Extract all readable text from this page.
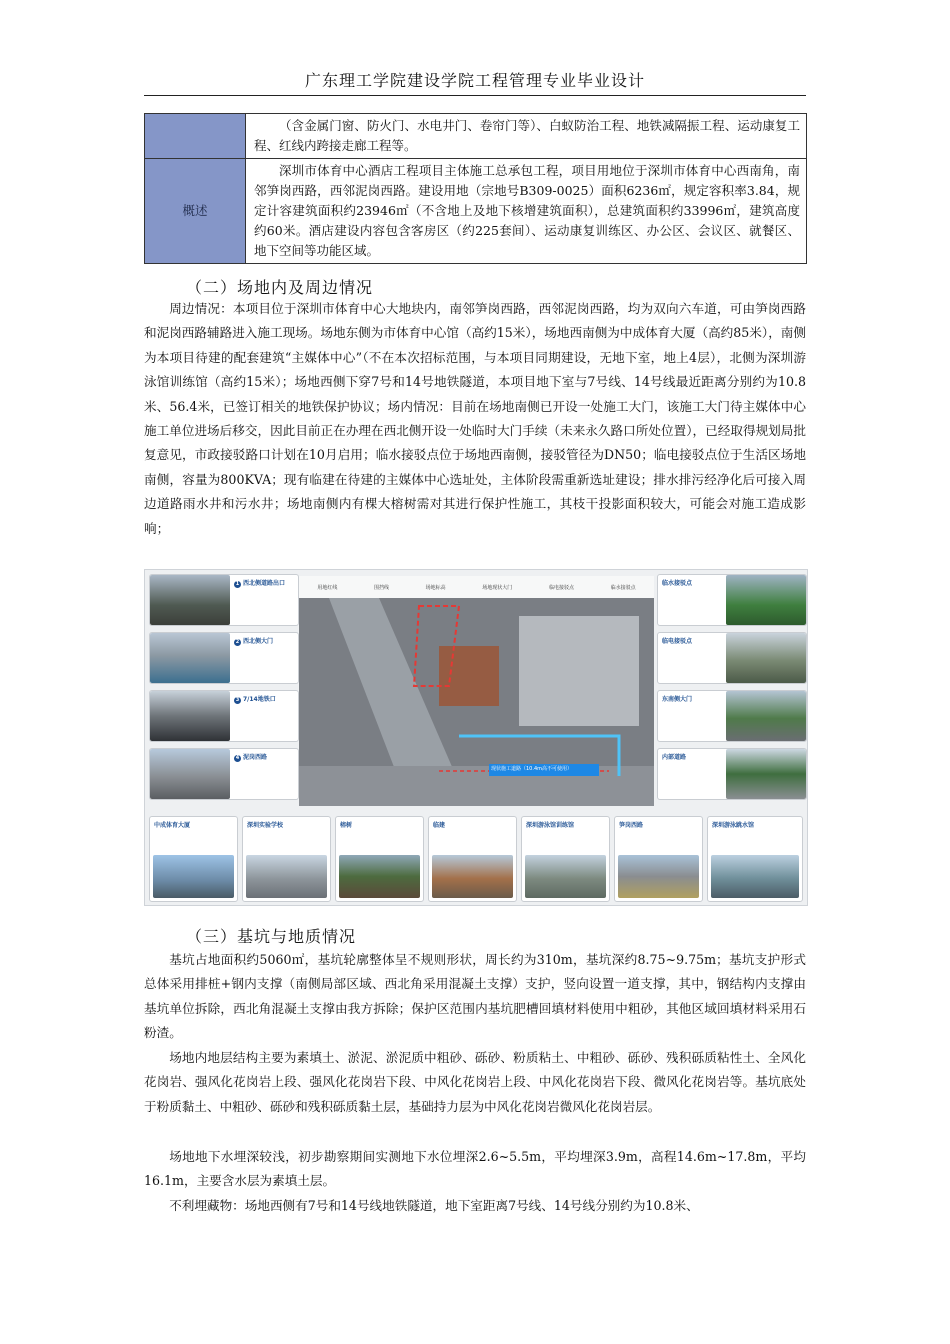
广东理工学院建设学院工程管理专业毕业设计
	（含金属门窗、防火门、水电井门、卷帘门等）、白蚁防治工程、地铁减隔振工程、运动康复工程、红线内跨接走廊工程等。
概述	深圳市体育中心酒店工程项目主体施工总承包工程，项目用地位于深圳市体育中心西南角，南邻笋岗西路，西邻泥岗西路。建设用地（宗地号B309-0025）面积6236㎡，规定容积率3.84，规定计容建筑面积约23946㎡（不含地上及地下核增建筑面积），总建筑面积约33996㎡，建筑高度约60米。酒店建设内容包含客房区（约225套间）、运动康复训练区、办公区、会议区、就餐区、地下空间等功能区域。
（二）场地内及周边情况
周边情况：本项目位于深圳市体育中心大地块内，南邻笋岗西路，西邻泥岗西路，均为双向六车道，可由笋岗西路和泥岗西路辅路进入施工现场。场地东侧为市体育中心馆（高约15米），场地西南侧为中成体育大厦（高约85米），南侧为本项目待建的配套建筑“主媒体中心”（不在本次招标范围，与本项目同期建设，无地下室，地上4层），北侧为深圳游泳馆训练馆（高约15米）；场地西侧下穿7号和14号地铁隧道，本项目地下室与7号线、14号线最近距离分别约为10.8米、56.4米，已签订相关的地铁保护协议；场内情况：目前在场地南侧已开设一处施工大门，该施工大门待主媒体中心施工单位进场后移交，因此目前正在办理在西北侧开设一处临时大门手续（未来永久路口所处位置），已经取得规划局批复意见，市政接驳路口计划在10月启用；临水接驳点位于场地西南侧，接驳管径为DN50；临电接驳点位于生活区场地南侧，容量为800KVA；现有临建在待建的主媒体中心选址处，主体阶段需重新选址建设；排水排污经净化后可接入周边道路雨水井和污水井；场地南侧内有棵大榕树需对其进行保护性施工，其枝干投影面积较大，可能会对施工造成影响；
1 西北侧道路出口
2 西北侧大门
3 7/14地铁口
4 泥岗西路
用地红线	围挡线	场地标高	场地现状大门	临电接驳点	临水接驳点
现状施工道路（10.4m高不可使用）
临水接驳点
临电接驳点
东南侧大门
内部道路
中成体育大厦	深圳实验学校	榕树	临建	深圳游泳馆训练馆	笋岗西路	深圳游泳跳水馆
（三）基坑与地质情况
基坑占地面积约5060㎡，基坑轮廓整体呈不规则形状，周长约为310m，基坑深约8.75~9.75m；基坑支护形式总体采用排桩+钢内支撑（南侧局部区域、西北角采用混凝土支撑）支护，竖向设置一道支撑，其中，钢结构内支撑由基坑单位拆除，西北角混凝土支撑由我方拆除；保护区范围内基坑肥槽回填材料使用中粗砂，其他区域回填材料采用石粉渣。
场地内地层结构主要为素填土、淤泥、淤泥质中粗砂、砾砂、粉质粘土、中粗砂、砾砂、残积砾质粘性土、全风化花岗岩、强风化花岗岩上段、强风化花岗岩下段、中风化花岗岩上段、中风化花岗岩下段、微风化花岗岩等。基坑底处于粉质黏土、中粗砂、砾砂和残积砾质黏土层，基础持力层为中风化花岗岩微风化花岗岩层。
场地地下水埋深较浅，初步勘察期间实测地下水位埋深2.6~5.5m，平均埋深3.9m，高程14.6m~17.8m，平均16.1m，主要含水层为素填土层。
不利埋藏物：场地西侧有7号和14号线地铁隧道，地下室距离7号线、14号线分别约为10.8米、
